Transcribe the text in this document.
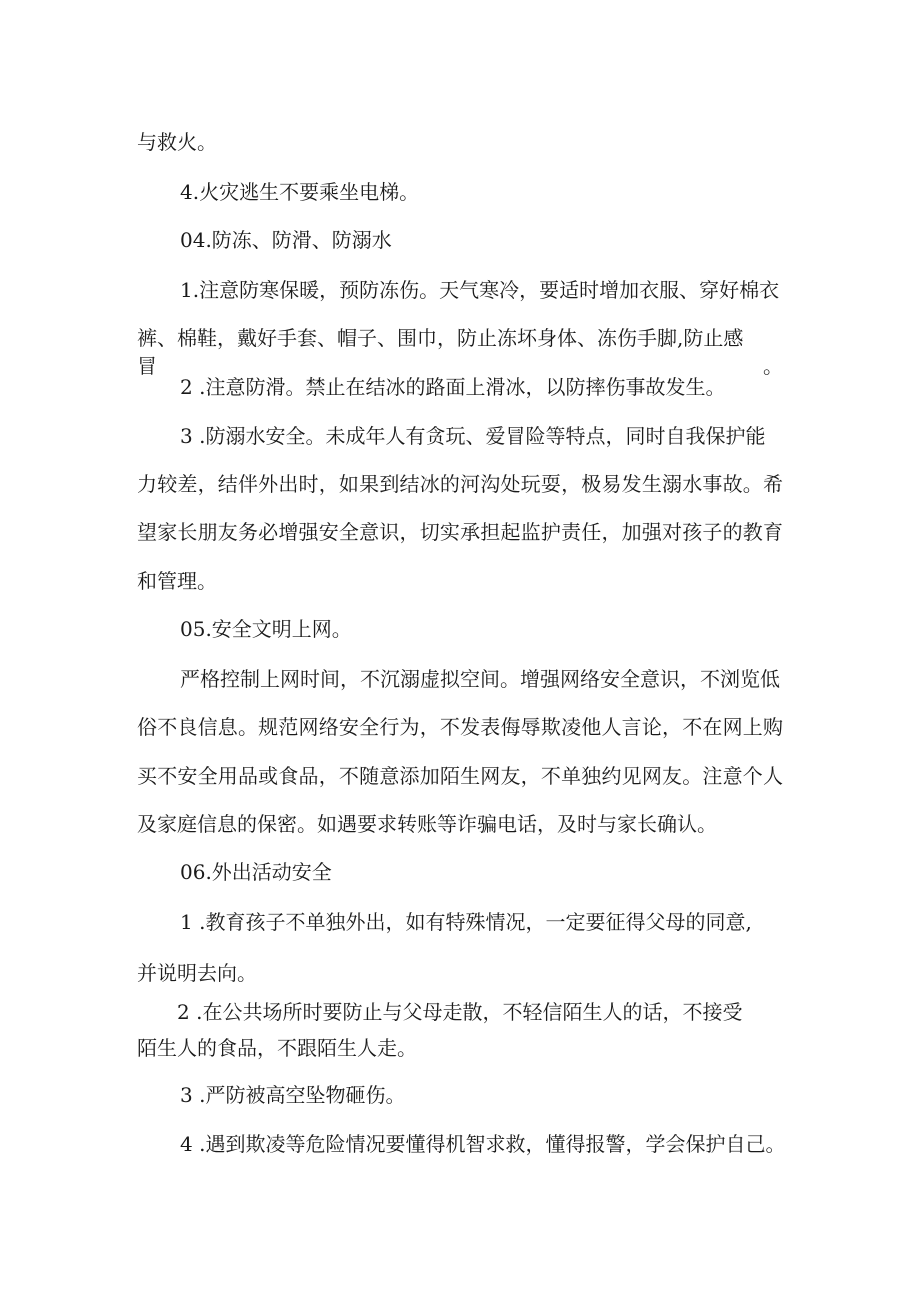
与救火。

4.火灾逃生不要乘坐电梯。

04.防冻、防滑、防溺水

1.注意防寒保暖，预防冻伤。天气寒冷，要适时增加衣服、穿好棉衣

裤、棉鞋，戴好手套、帽子、围巾，防止冻坏身体、冻伤手脚,防止感冒。

2 .注意防滑。禁止在结冰的路面上滑冰，以防摔伤事故发生。

3 .防溺水安全。未成年人有贪玩、爱冒险等特点，同时自我保护能

力较差，结伴外出时，如果到结冰的河沟处玩耍，极易发生溺水事故。希

望家长朋友务必增强安全意识，切实承担起监护责任，加强对孩子的教育

和管理。

05.安全文明上网。

严格控制上网时间，不沉溺虚拟空间。增强网络安全意识，不浏览低

俗不良信息。规范网络安全行为，不发表侮辱欺凌他人言论，不在网上购

买不安全用品或食品，不随意添加陌生网友，不单独约见网友。注意个人

及家庭信息的保密。如遇要求转账等诈骗电话，及时与家长确认。

06.外出活动安全

1 .教育孩子不单独外出，如有特殊情况，一定要征得父母的同意,

并说明去向。

2 .在公共场所时要防止与父母走散，不轻信陌生人的话，不接受

陌生人的食品，不跟陌生人走。

3 .严防被高空坠物砸伤。

4 .遇到欺凌等危险情况要懂得机智求救，懂得报警，学会保护自己。
